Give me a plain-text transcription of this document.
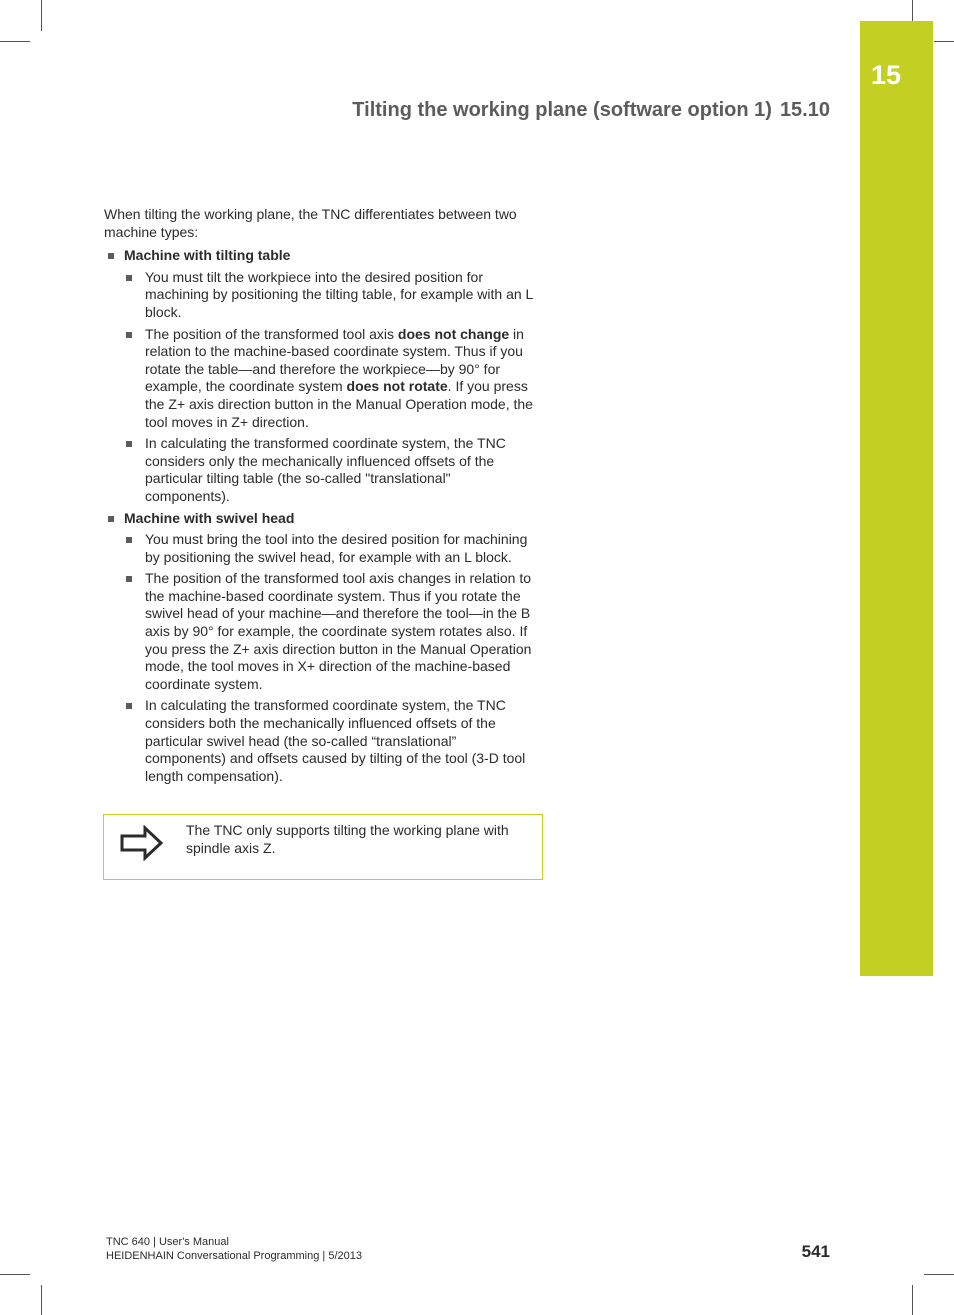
15
Tilting the working plane (software option 1) 15.10

When tilting the working plane, the TNC differentiates between two machine types:

Machine with tilting table
You must tilt the workpiece into the desired position for machining by positioning the tilting table, for example with an L block.
The position of the transformed tool axis does not change in relation to the machine-based coordinate system. Thus if you rotate the table—and therefore the workpiece—by 90° for example, the coordinate system does not rotate. If you press the Z+ axis direction button in the Manual Operation mode, the tool moves in Z+ direction.
In calculating the transformed coordinate system, the TNC considers only the mechanically influenced offsets of the particular tilting table (the so-called "translational" components).
Machine with swivel head
You must bring the tool into the desired position for machining by positioning the swivel head, for example with an L block.
The position of the transformed tool axis changes in relation to the machine-based coordinate system. Thus if you rotate the swivel head of your machine—and therefore the tool—in the B axis by 90° for example, the coordinate system rotates also. If you press the Z+ axis direction button in the Manual Operation mode, the tool moves in X+ direction of the machine-based coordinate system.
In calculating the transformed coordinate system, the TNC considers both the mechanically influenced offsets of the particular swivel head (the so-called “translational” components) and offsets caused by tilting of the tool (3-D tool length compensation).
The TNC only supports tilting the working plane with spindle axis Z.
TNC 640 | User's Manual
HEIDENHAIN Conversational Programming | 5/2013	541
